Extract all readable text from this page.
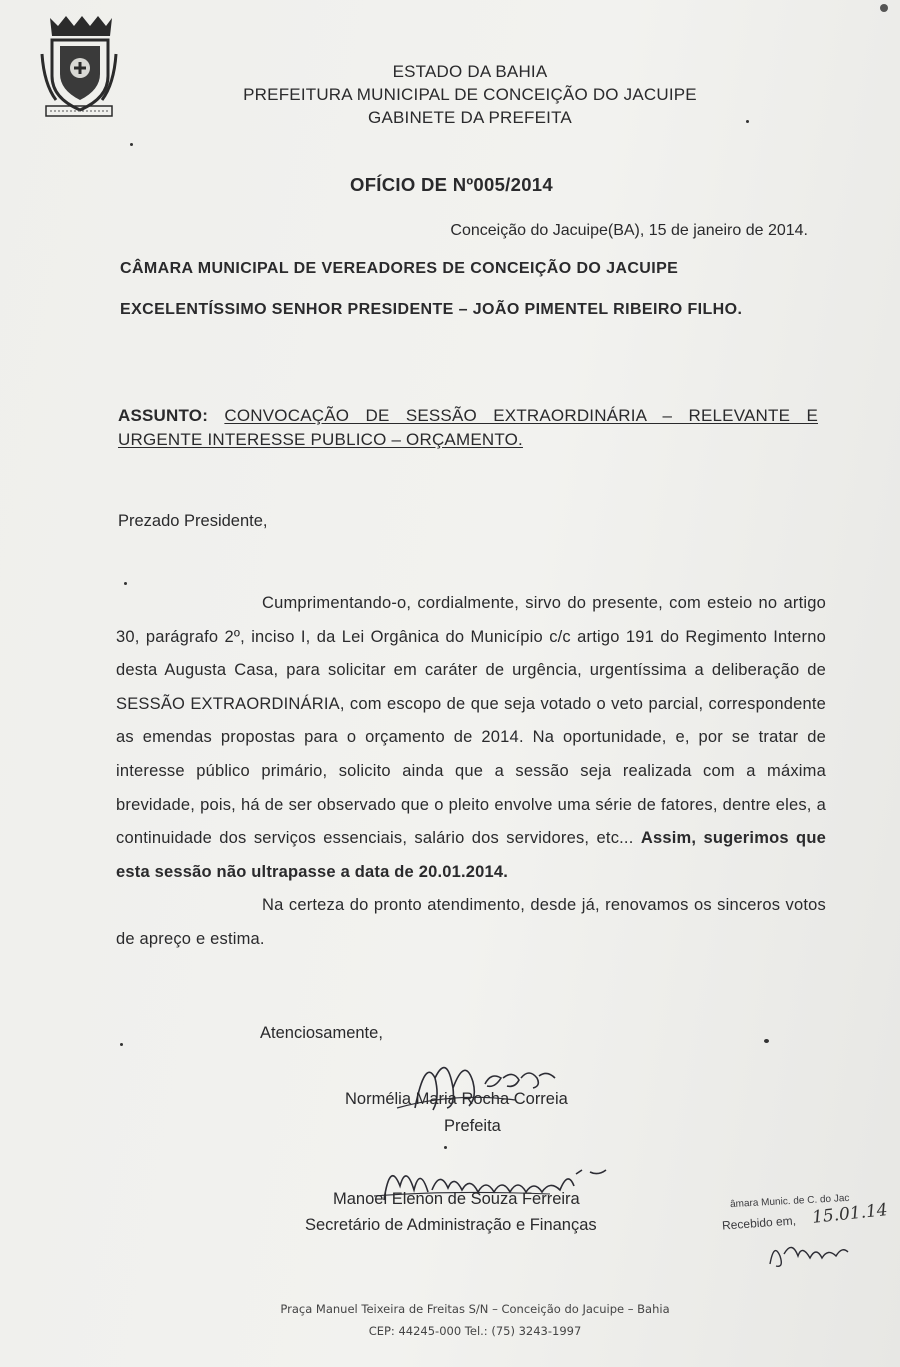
ESTADO DA BAHIA
PREFEITURA MUNICIPAL DE CONCEIÇÃO DO JACUIPE
GABINETE DA PREFEITA
OFÍCIO DE Nº005/2014
Conceição do Jacuipe(BA), 15 de janeiro de 2014.
CÂMARA MUNICIPAL DE VEREADORES DE CONCEIÇÃO DO JACUIPE
EXCELENTÍSSIMO SENHOR PRESIDENTE – JOÃO PIMENTEL RIBEIRO FILHO.
ASSUNTO: CONVOCAÇÃO DE SESSÃO EXTRAORDINÁRIA – RELEVANTE E URGENTE INTERESSE PUBLICO – ORÇAMENTO.
Prezado Presidente,

Cumprimentando-o, cordialmente, sirvo do presente, com esteio no artigo 30, parágrafo 2º, inciso I, da Lei Orgânica do Município c/c artigo 191 do Regimento Interno desta Augusta Casa, para solicitar em caráter de urgência, urgentíssima a deliberação de SESSÃO EXTRAORDINÁRIA, com escopo de que seja votado o veto parcial, correspondente as emendas propostas para o orçamento de 2014. Na oportunidade, e, por se tratar de interesse público primário, solicito ainda que a sessão seja realizada com a máxima brevidade, pois, há de ser observado que o pleito envolve uma série de fatores, dentre eles, a continuidade dos serviços essenciais, salário dos servidores, etc... Assim, sugerimos que esta sessão não ultrapasse a data de 20.01.2014.

Na certeza do pronto atendimento, desde já, renovamos os sinceros votos de apreço e estima.

Atenciosamente,
Normélia Maria Rocha Correia
Prefeita
Manoel Elenon de Souza Ferreira
Secretário de Administração e Finanças
âmara Munic. de C. do Jac
Recebido em, 15.01.14
Praça Manuel Teixeira de Freitas S/N – Conceição do Jacuipe – Bahia
CEP: 44245-000 Tel.: (75) 3243-1997
